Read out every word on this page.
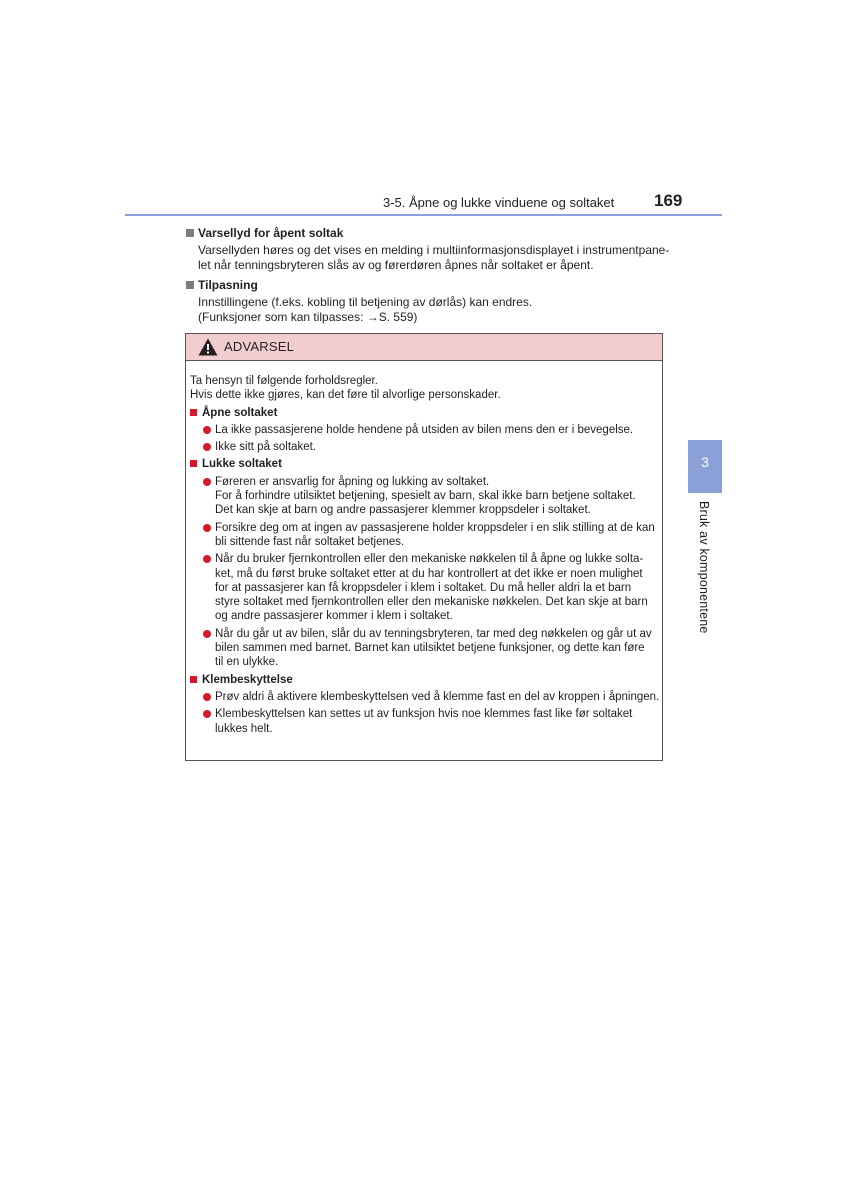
3-5. Åpne og lukke vinduene og soltaket 169
Varsellyd for åpent soltak
Varsellyden høres og det vises en melding i multiinformasjonsdisplayet i instrumentpane-
let når tenningsbryteren slås av og førerdøren åpnes når soltaket er åpent.
Tilpasning
Innstillingene (f.eks. kobling til betjening av dørlås) kan endres.
(Funksjoner som kan tilpasses: →S. 559)
ADVARSEL
Ta hensyn til følgende forholdsregler.
Hvis dette ikke gjøres, kan det føre til alvorlige personskader.
Åpne soltaket
La ikke passasjerene holde hendene på utsiden av bilen mens den er i bevegelse.
Ikke sitt på soltaket.
Lukke soltaket
Føreren er ansvarlig for åpning og lukking av soltaket.
For å forhindre utilsiktet betjening, spesielt av barn, skal ikke barn betjene soltaket.
Det kan skje at barn og andre passasjerer klemmer kroppsdeler i soltaket.
Forsikre deg om at ingen av passasjerene holder kroppsdeler i en slik stilling at de kan
bli sittende fast når soltaket betjenes.
Når du bruker fjernkontrollen eller den mekaniske nøkkelen til å åpne og lukke solta-
ket, må du først bruke soltaket etter at du har kontrollert at det ikke er noen mulighet
for at passasjerer kan få kroppsdeler i klem i soltaket. Du må heller aldri la et barn
styre soltaket med fjernkontrollen eller den mekaniske nøkkelen. Det kan skje at barn
og andre passasjerer kommer i klem i soltaket.
Når du går ut av bilen, slår du av tenningsbryteren, tar med deg nøkkelen og går ut av
bilen sammen med barnet. Barnet kan utilsiktet betjene funksjoner, og dette kan føre
til en ulykke.
Klembeskyttelse
Prøv aldri å aktivere klembeskyttelsen ved å klemme fast en del av kroppen i åpningen.
Klembeskyttelsen kan settes ut av funksjon hvis noe klemmes fast like før soltaket
lukkes helt.
3
Bruk av komponentene
